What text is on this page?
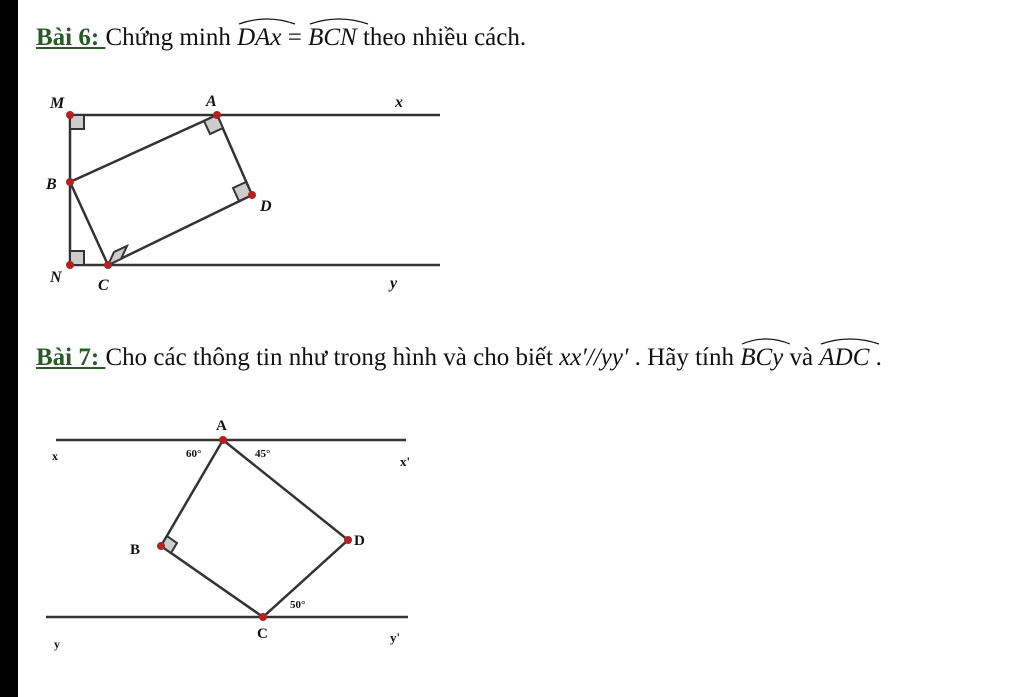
Bài 6: Chứng minh
DAx =
BCN theo nhiều cách.
M	A	x
B
D
N C	y
Bài 7: Cho các thông tin như trong hình và cho biết xx′//yy′ . Hãy tính
BCy và
ADC .
A
x	x'
B
D
y
C	y'
60°	45°
50°
